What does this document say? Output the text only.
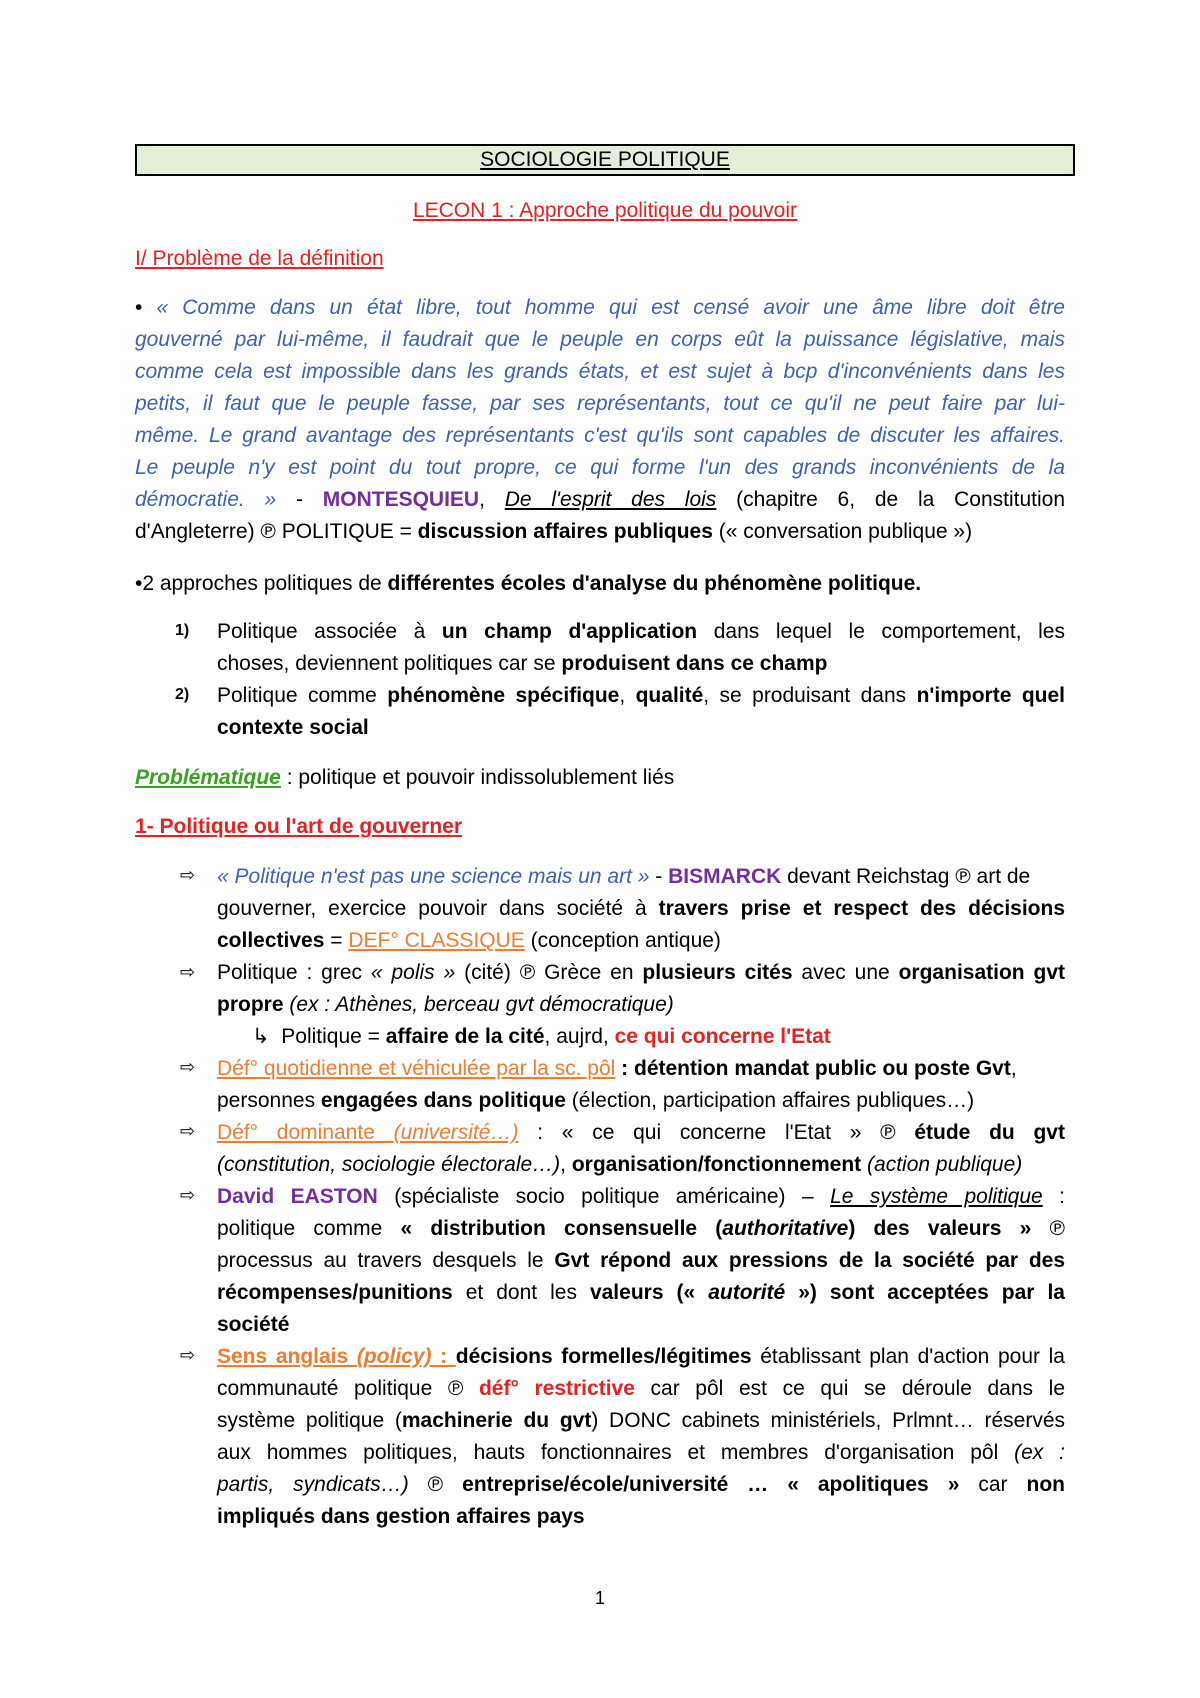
SOCIOLOGIE POLITIQUE
LECON 1 : Approche politique du pouvoir
I/ Problème de la définition
• « Comme dans un état libre, tout homme qui est censé avoir une âme libre doit être
gouverné par lui-même, il faudrait que le peuple en corps eût la puissance législative, mais
comme cela est impossible dans les grands états, et est sujet à bcp d'inconvénients dans les
petits, il faut que le peuple fasse, par ses représentants, tout ce qu'il ne peut faire par lui-
même. Le grand avantage des représentants c'est qu'ils sont capables de discuter les affaires.
Le peuple n'y est point du tout propre, ce qui forme l'un des grands inconvénients de la
démocratie. » - MONTESQUIEU, De l'esprit des lois (chapitre 6, de la Constitution
d'Angleterre) ℗ POLITIQUE = discussion affaires publiques (« conversation publique »)
•2 approches politiques de différentes écoles d'analyse du phénomène politique.
1) Politique associée à un champ d'application dans lequel le comportement, les
choses, deviennent politiques car se produisent dans ce champ
2) Politique comme phénomène spécifique, qualité, se produisant dans n'importe quel
contexte social
Problématique : politique et pouvoir indissolublement liés
1- Politique ou l'art de gouverner
⇨ « Politique n'est pas une science mais un art » - BISMARCK devant Reichstag ℗ art de
gouverner, exercice pouvoir dans société à travers prise et respect des décisions
collectives = DEF° CLASSIQUE (conception antique)
⇨ Politique : grec « polis » (cité) ℗ Grèce en plusieurs cités avec une organisation gvt
propre (ex : Athènes, berceau gvt démocratique)
↳ Politique = affaire de la cité, aujrd, ce qui concerne l'Etat
⇨ Déf° quotidienne et véhiculée par la sc. pôl : détention mandat public ou poste Gvt,
personnes engagées dans politique (élection, participation affaires publiques…)
⇨ Déf° dominante (université…) : « ce qui concerne l'Etat » ℗ étude du gvt
(constitution, sociologie électorale…), organisation/fonctionnement (action publique)
⇨ David EASTON (spécialiste socio politique américaine) – Le système politique :
politique comme « distribution consensuelle (authoritative) des valeurs » ℗
processus au travers desquels le Gvt répond aux pressions de la société par des
récompenses/punitions et dont les valeurs (« autorité ») sont acceptées par la
société
⇨ Sens anglais (policy) : décisions formelles/légitimes établissant plan d'action pour la
communauté politique ℗ déf° restrictive car pôl est ce qui se déroule dans le
système politique (machinerie du gvt) DONC cabinets ministériels, Prlmnt… réservés
aux hommes politiques, hauts fonctionnaires et membres d'organisation pôl (ex :
partis, syndicats…) ℗ entreprise/école/université … « apolitiques » car non
impliqués dans gestion affaires pays
1
